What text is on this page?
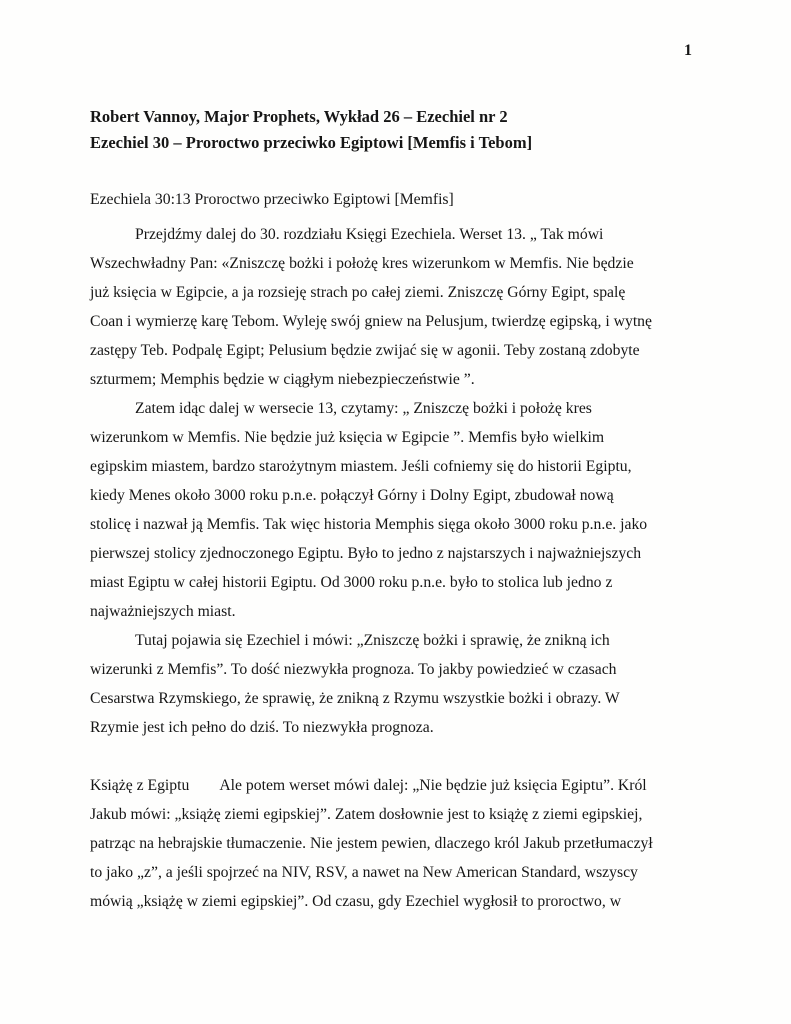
1
Robert Vannoy, Major Prophets, Wykład 26 – Ezechiel nr 2
Ezechiel 30 – Proroctwo przeciwko Egiptowi [Memfis i Tebom]
Ezechiela 30:13 Proroctwo przeciwko Egiptowi [Memfis]
Przejdźmy dalej do 30. rozdziału Księgi Ezechiela. Werset 13. „ Tak mówi
Wszechwładny Pan: «Zniszczę bożki i położę kres wizerunkom w Memfis. Nie będzie
już księcia w Egipcie, a ja rozsieję strach po całej ziemi. Zniszczę Górny Egipt, spalę
Coan i wymierzę karę Tebom. Wyleję swój gniew na Pelusjum, twierdzę egipską, i wytnę
zastępy Teb. Podpalę Egipt; Pelusium będzie zwijać się w agonii. Teby zostaną zdobyte
szturmem; Memphis będzie w ciągłym niebezpieczeństwie ”.
Zatem idąc dalej w wersecie 13, czytamy: „ Zniszczę bożki i położę kres
wizerunkom w Memfis. Nie będzie już księcia w Egipcie ”. Memfis było wielkim
egipskim miastem, bardzo starożytnym miastem. Jeśli cofniemy się do historii Egiptu,
kiedy Menes około 3000 roku p.n.e. połączył Górny i Dolny Egipt, zbudował nową
stolicę i nazwał ją Memfis. Tak więc historia Memphis sięga około 3000 roku p.n.e. jako
pierwszej stolicy zjednoczonego Egiptu. Było to jedno z najstarszych i najważniejszych
miast Egiptu w całej historii Egiptu. Od 3000 roku p.n.e. było to stolica lub jedno z
najważniejszych miast.
Tutaj pojawia się Ezechiel i mówi: „Zniszczę bożki i sprawię, że znikną ich
wizerunki z Memfis”. To dość niezwykła prognoza. To jakby powiedzieć w czasach
Cesarstwa Rzymskiego, że sprawię, że znikną z Rzymu wszystkie bożki i obrazy. W
Rzymie jest ich pełno do dziś. To niezwykła prognoza.
Książę z Egiptu Ale potem werset mówi dalej: „Nie będzie już księcia Egiptu”. Król
Jakub mówi: „książę ziemi egipskiej”. Zatem dosłownie jest to książę z ziemi egipskiej,
patrząc na hebrajskie tłumaczenie. Nie jestem pewien, dlaczego król Jakub przetłumaczył
to jako „z”, a jeśli spojrzeć na NIV, RSV, a nawet na New American Standard, wszyscy
mówią „książę w ziemi egipskiej”. Od czasu, gdy Ezechiel wygłosił to proroctwo, w
